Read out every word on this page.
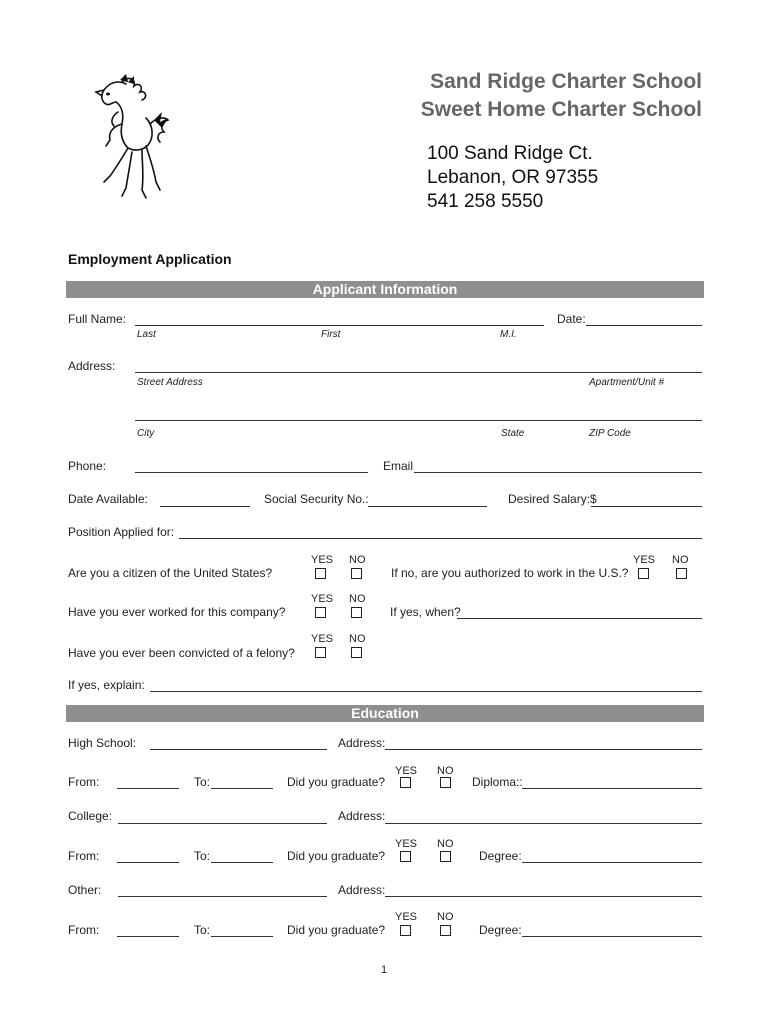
Sand Ridge Charter School
Sweet Home Charter School
100 Sand Ridge Ct.
Lebanon, OR 97355
541 258 5550
Employment Application
Applicant Information
Full Name:	Date:
Last	First	M.I.
Address:
Street Address	Apartment/Unit #
City	State	ZIP Code
Phone:	Email
Date Available:	Social Security No.:	Desired Salary:$
Position Applied for:
YES NO
Are you a citizen of the United States?
YES NO
If no, are you authorized to work in the U.S.?
YES NO
Have you ever worked for this company?	If yes, when?
YES NO
Have you ever been convicted of a felony?
If yes, explain:
Education
High School:	Address:
YES NO
From:	To:	Did you graduate?	Diploma::
College:	Address:
YES NO
From:	To:	Did you graduate?	Degree:
Other:	Address:
YES NO
From:	To:	Did you graduate?	Degree:
1
